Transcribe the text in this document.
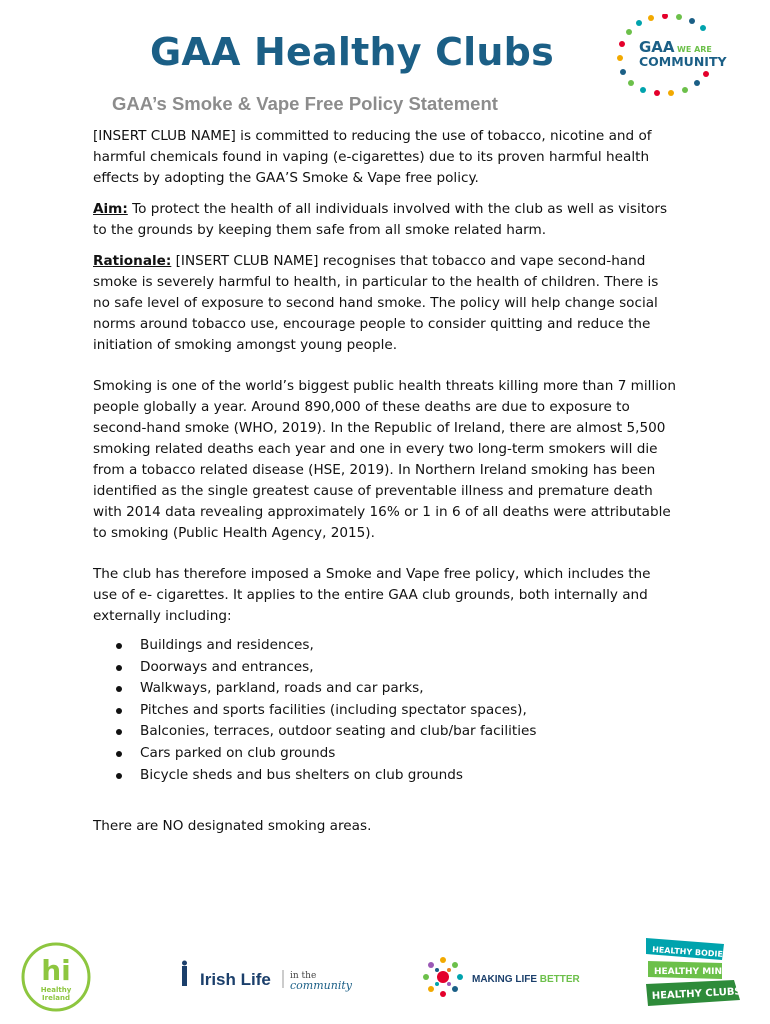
GAA Healthy Clubs
GAA’s Smoke & Vape Free Policy Statement
GAA WE ARE
COMMUNITY

[INSERT CLUB NAME] is committed to reducing the use of tobacco, nicotine and of harmful chemicals found in vaping (e-cigarettes) due to its proven harmful health effects by adopting the GAA’S Smoke & Vape free policy.

Aim: To protect the health of all individuals involved with the club as well as visitors to the grounds by keeping them safe from all smoke related harm.

Rationale: [INSERT CLUB NAME] recognises that tobacco and vape second-hand smoke is severely harmful to health, in particular to the health of children. There is no safe level of exposure to second hand smoke. The policy will help change social norms around tobacco use, encourage people to consider quitting and reduce the initiation of smoking amongst young people.

Smoking is one of the world’s biggest public health threats killing more than 7 million people globally a year. Around 890,000 of these deaths are due to exposure to second-hand smoke (WHO, 2019). In the Republic of Ireland, there are almost 5,500 smoking related deaths each year and one in every two long-term smokers will die from a tobacco related disease (HSE, 2019). In Northern Ireland smoking has been identified as the single greatest cause of preventable illness and premature death with 2014 data revealing approximately 16% or 1 in 6 of all deaths were attributable to smoking (Public Health Agency, 2015).

The club has therefore imposed a Smoke and Vape free policy, which includes the use of e- cigarettes. It applies to the entire GAA club grounds, both internally and externally including:

Buildings and residences,
Doorways and entrances,
Walkways, parkland, roads and car parks,
Pitches and sports facilities (including spectator spaces),
Balconies, terraces, outdoor seating and club/bar facilities
Cars parked on club grounds
Bicycle sheds and bus shelters on club grounds

There are NO designated smoking areas.

hi
Healthy
Ireland
Irish Life in the
community	MAKING LIFE BETTER
HEALTHY BODIES
HEALTHY MINDS
HEALTHY CLUBS
